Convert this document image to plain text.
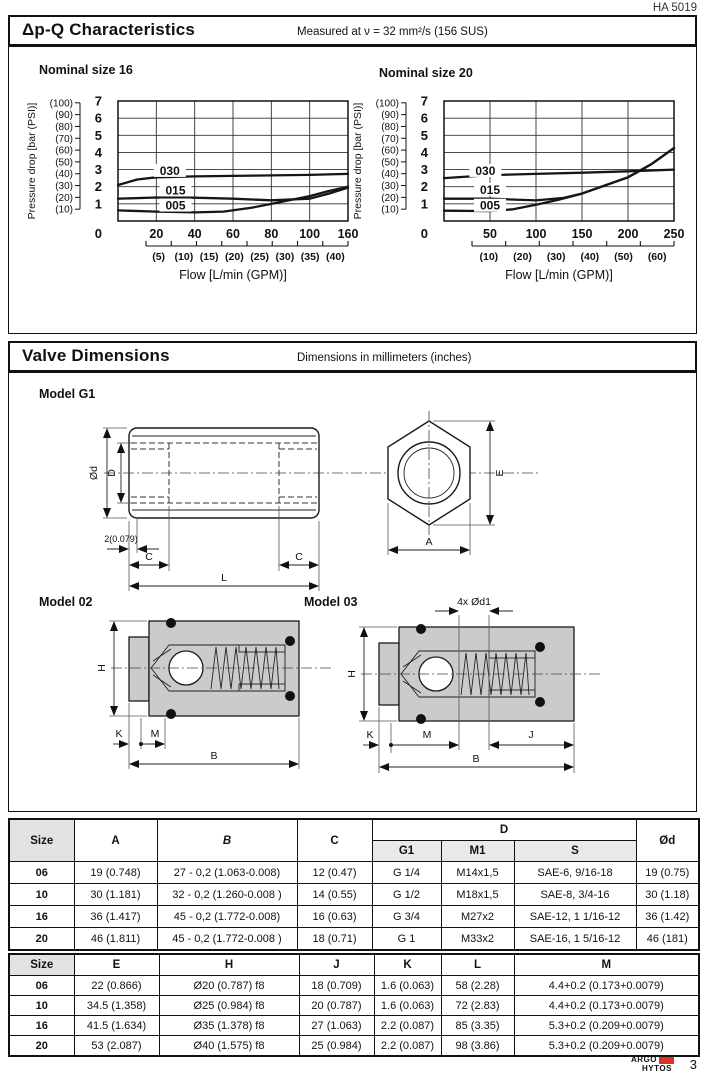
HA 5019
Δp-Q Characteristics	Measured at ν = 32 mm²/s (156 SUS)
Nominal size 16	Nominal size 20
(100)
(90)
(80)
(70)
(60)
(50)
(40)
(30)
(20)
(10) 1
2
3
4
5
6
7
0	20 40 60 80 100 160
030
015
005
(5) (10) (15) (20) (25) (30) (35) (40)
Flow [L/min (GPM)]
Pressure drop [bar (PSI)]	(100)
(90)
(80)
(70)
(60)
(50)
(40)
(30)
(20)
(10) 1
2
3
4
5
6
7
0	50 100 150 200 250
030
015
005
(10) (20) (30) (40) (50) (60)
Flow [L/min (GPM)]
Pressure drop [bar (PSI)]
Valve Dimensions	Dimensions in millimeters (inches)
Model G1
Ød D
2(0.079)
C	C
L
E
A
Model 02
H
K	M
B
Model 03	4x Ød1
H
K	M	J
B
Size	A	B	C	D			Ød
				G1	M1	S	
06	19 (0.748)	27 - 0,2 (1.063-0.008)	12 (0.47)	G 1/4	M14x1,5	SAE-6, 9/16-18	19 (0.75)
10	30 (1.181)	32 - 0,2 (1.260-0.008 )	14 (0.55)	G 1/2	M18x1,5	SAE-8, 3/4-16	30 (1.18)
16	36 (1.417)	45 - 0,2 (1.772-0.008)	16 (0.63)	G 3/4	M27x2	SAE-12, 1 1/16-12	36 (1.42)
20	46 (1.811)	45 - 0,2 (1.772-0.008 )	18 (0.71)	G 1	M33x2	SAE-16, 1 5/16-12	46 (181)
Size	E	H	J	K	L	M
06	22 (0.866)	Ø20 (0.787) f8	18 (0.709)	1.6 (0.063)	58 (2.28)	4.4+0.2 (0.173+0.0079)
10	34.5 (1.358)	Ø25 (0.984) f8	20 (0.787)	1.6 (0.063)	72 (2.83)	4.4+0.2 (0.173+0.0079)
16	41.5 (1.634)	Ø35 (1.378) f8	27 (1.063)	2.2 (0.087)	85 (3.35)	5.3+0.2 (0.209+0.0079)
20	53 (2.087)	Ø40 (1.575) f8	25 (0.984)	2.2 (0.087)	98 (3.86)	5.3+0.2 (0.209+0.0079)
ARGO
HYTOS 3
